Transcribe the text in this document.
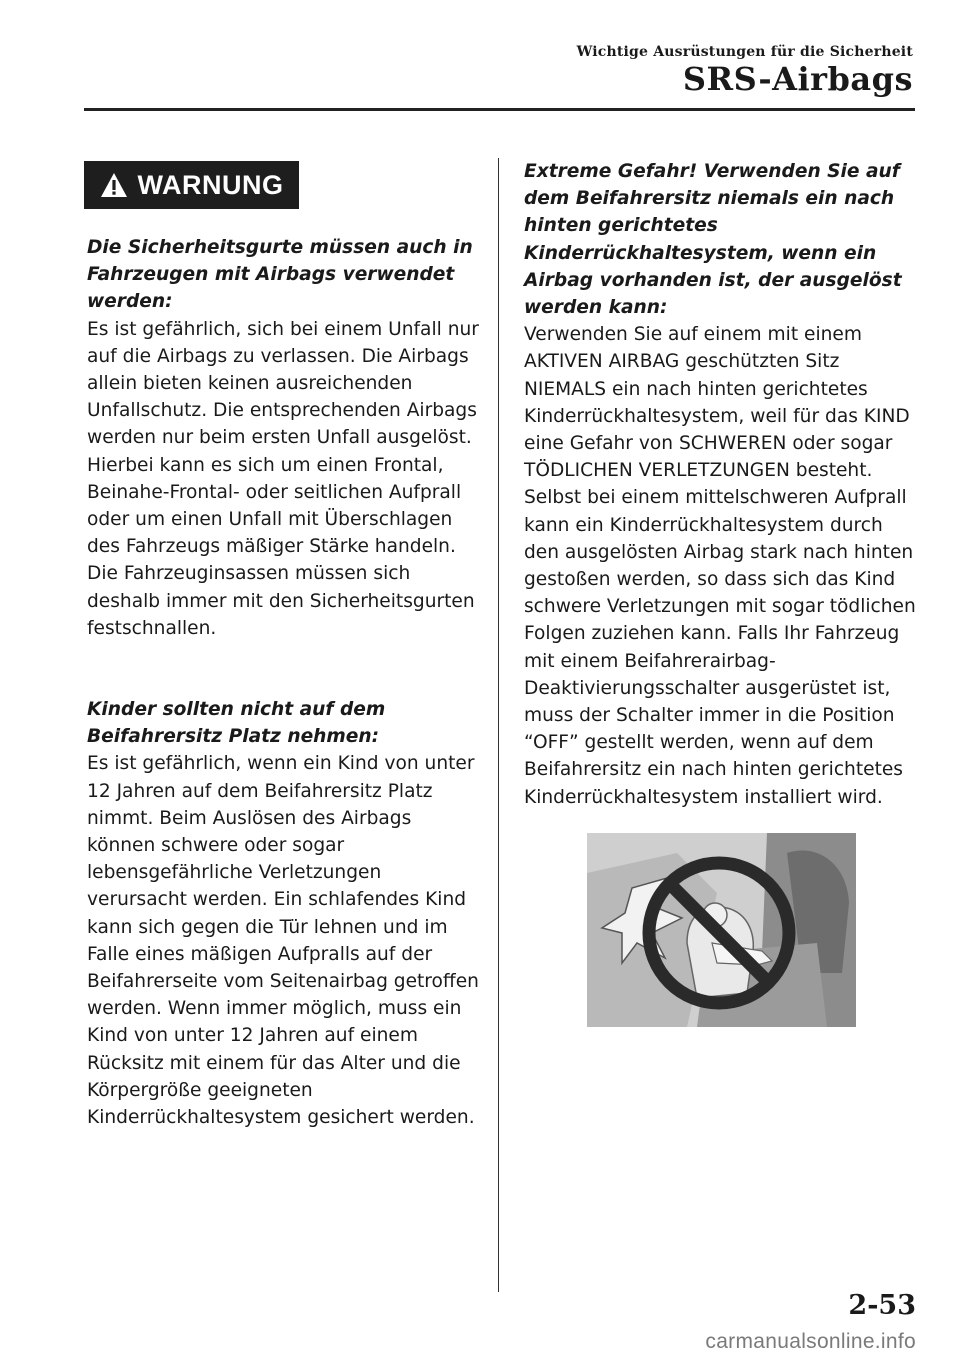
Wichtige Ausrüstungen für die Sicherheit
SRS-Airbags
WARNUNG
Die Sicherheitsgurte müssen auch in Fahrzeugen mit Airbags verwendet werden:
Es ist gefährlich, sich bei einem Unfall nur auf die Airbags zu verlassen. Die Airbags allein bieten keinen ausreichenden Unfallschutz. Die entsprechenden Airbags werden nur beim ersten Unfall ausgelöst. Hierbei kann es sich um einen Frontal, Beinahe-Frontal- oder seitlichen Aufprall oder um einen Unfall mit Überschlagen des Fahrzeugs mäßiger Stärke handeln. Die Fahrzeuginsassen müssen sich deshalb immer mit den Sicherheitsgurten festschnallen.
Kinder sollten nicht auf dem Beifahrersitz Platz nehmen:
Es ist gefährlich, wenn ein Kind von unter 12 Jahren auf dem Beifahrersitz Platz nimmt. Beim Auslösen des Airbags können schwere oder sogar lebensgefährliche Verletzungen verursacht werden. Ein schlafendes Kind kann sich gegen die Tür lehnen und im Falle eines mäßigen Aufpralls auf der Beifahrerseite vom Seitenairbag getroffen werden. Wenn immer möglich, muss ein Kind von unter 12 Jahren auf einem Rücksitz mit einem für das Alter und die Körpergröße geeigneten Kinderrückhaltesystem gesichert werden.
Extreme Gefahr! Verwenden Sie auf dem Beifahrersitz niemals ein nach hinten gerichtetes Kinderrückhaltesystem, wenn ein Airbag vorhanden ist, der ausgelöst werden kann:
Verwenden Sie auf einem mit einem AKTIVEN AIRBAG geschützten Sitz NIEMALS ein nach hinten gerichtetes Kinderrückhaltesystem, weil für das KIND eine Gefahr von SCHWEREN oder sogar TÖDLICHEN VERLETZUNGEN besteht. Selbst bei einem mittelschweren Aufprall kann ein Kinderrückhaltesystem durch den ausgelösten Airbag stark nach hinten gestoßen werden, so dass sich das Kind schwere Verletzungen mit sogar tödlichen Folgen zuziehen kann. Falls Ihr Fahrzeug mit einem Beifahrerairbag-Deaktivierungsschalter ausgerüstet ist, muss der Schalter immer in die Position “OFF” gestellt werden, wenn auf dem Beifahrersitz ein nach hinten gerichtetes Kinderrückhaltesystem installiert wird.
2-53
carmanualsonline.info
